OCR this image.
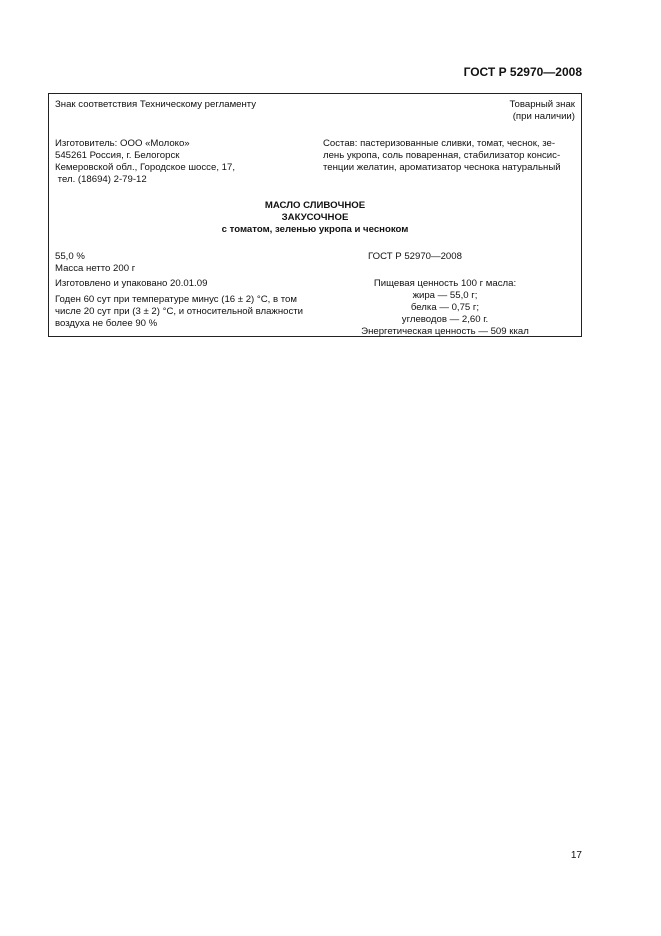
ГОСТ Р 52970—2008
Знак соответствия Техническому регламенту	Товарный знак
(при наличии)
Изготовитель: ООО «Молоко»
545261 Россия, г. Белогорск
Кемеровской обл., Городское шоссе, 17,
тел. (18694) 2-79-12
Состав: пастеризованные сливки, томат, чеснок, зе-
лень укропа, соль поваренная, стабилизатор консис-
тенции желатин, ароматизатор чеснока натуральный
МАСЛО СЛИВОЧНОЕ
ЗАКУСОЧНОЕ
с томатом, зеленью укропа и чесноком
55,0 %
Масса нетто 200 г
ГОСТ Р 52970—2008
Изготовлено и упаковано 20.01.09
Годен 60 сут при температуре минус (16 ± 2) °С, в том
числе 20 сут при (3 ± 2) °С, и относительной влажности
воздуха не более 90 %
Пищевая ценность 100 г масла:
жира — 55,0 г;
белка — 0,75 г;
углеводов — 2,60 г.
Энергетическая ценность — 509 ккал
17
